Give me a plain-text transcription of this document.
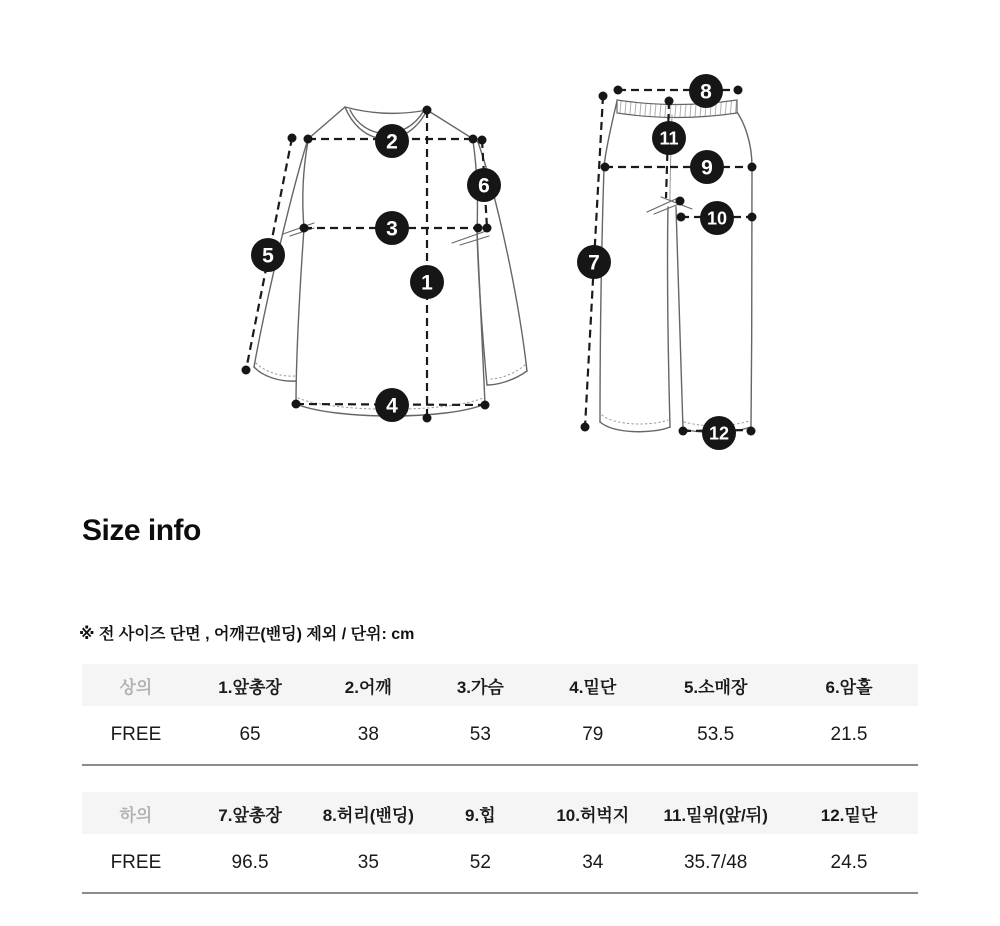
1
2
3
4
5
6
7
8
9
10
11
12
Size info

※ 전 사이즈 단면 , 어깨끈(밴딩) 제외 / 단위: cm

상의	1.앞총장	2.어깨	3.가슴	4.밑단	5.소매장	6.암홀
FREE	65	38	53	79	53.5	21.5
하의	7.앞총장	8.허리(밴딩)	9.힙	10.허벅지	11.밑위(앞/뒤)	12.밑단
FREE	96.5	35	52	34	35.7/48	24.5
